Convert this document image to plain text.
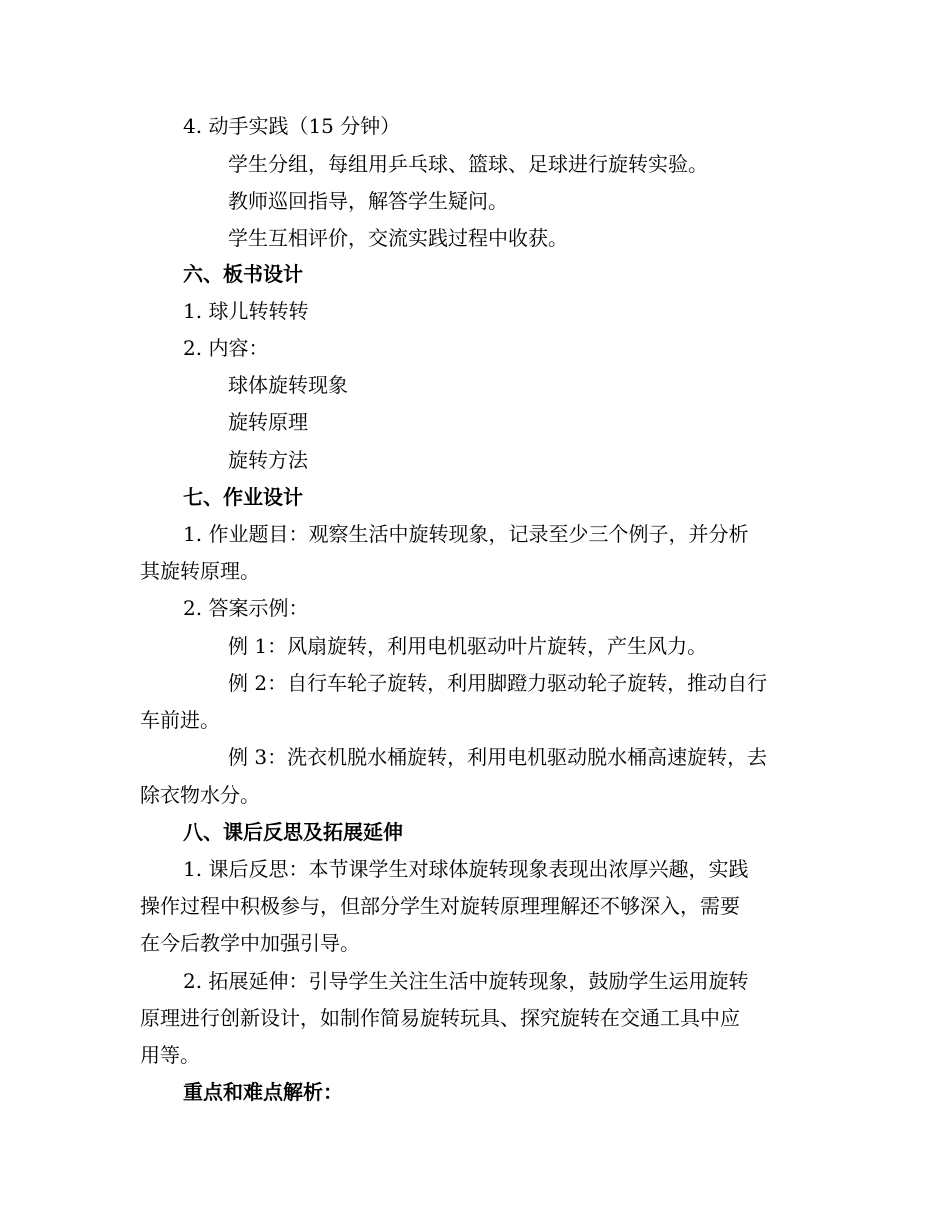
4. 动手实践（15 分钟）
学生分组，每组用乒乓球、篮球、足球进行旋转实验。
教师巡回指导，解答学生疑问。
学生互相评价，交流实践过程中收获。
六、板书设计
1. 球儿转转转
2. 内容：
球体旋转现象
旋转原理
旋转方法
七、作业设计
1. 作业题目：观察生活中旋转现象，记录至少三个例子，并分析
其旋转原理。
2. 答案示例：
例 1：风扇旋转，利用电机驱动叶片旋转，产生风力。
例 2：自行车轮子旋转，利用脚蹬力驱动轮子旋转，推动自行
车前进。
例 3：洗衣机脱水桶旋转，利用电机驱动脱水桶高速旋转，去
除衣物水分。
八、课后反思及拓展延伸
1. 课后反思：本节课学生对球体旋转现象表现出浓厚兴趣，实践
操作过程中积极参与，但部分学生对旋转原理理解还不够深入，需要
在今后教学中加强引导。
2. 拓展延伸：引导学生关注生活中旋转现象，鼓励学生运用旋转
原理进行创新设计，如制作简易旋转玩具、探究旋转在交通工具中应
用等。
重点和难点解析：
